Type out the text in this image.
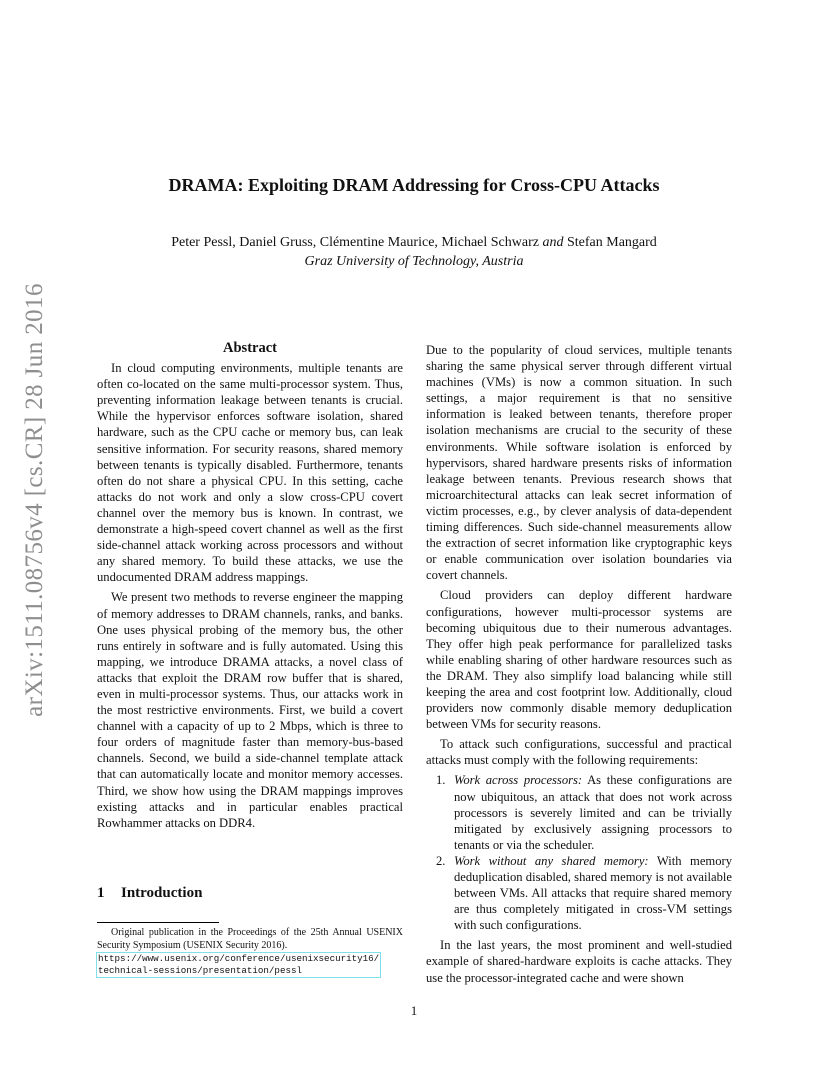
arXiv:1511.08756v4 [cs.CR] 28 Jun 2016
DRAMA: Exploiting DRAM Addressing for Cross-CPU Attacks
Peter Pessl, Daniel Gruss, Clémentine Maurice, Michael Schwarz and Stefan Mangard
Graz University of Technology, Austria
Abstract

In cloud computing environments, multiple tenants are often co-located on the same multi-processor system. Thus, preventing information leakage between tenants is crucial. While the hypervisor enforces software isolation, shared hardware, such as the CPU cache or memory bus, can leak sensitive information. For security reasons, shared memory between tenants is typically disabled. Furthermore, tenants often do not share a physical CPU. In this setting, cache attacks do not work and only a slow cross-CPU covert channel over the memory bus is known. In contrast, we demonstrate a high-speed covert channel as well as the first side-channel attack working across processors and without any shared memory. To build these attacks, we use the undocumented DRAM address mappings.

We present two methods to reverse engineer the mapping of memory addresses to DRAM channels, ranks, and banks. One uses physical probing of the memory bus, the other runs entirely in software and is fully automated. Using this mapping, we introduce DRAMA attacks, a novel class of attacks that exploit the DRAM row buffer that is shared, even in multi-processor systems. Thus, our attacks work in the most restrictive environments. First, we build a covert channel with a capacity of up to 2 Mbps, which is three to four orders of magnitude faster than memory-bus-based channels. Second, we build a side-channel template attack that can automatically locate and monitor memory accesses. Third, we show how using the DRAM mappings improves existing attacks and in particular enables practical Rowhammer attacks on DDR4.

1 Introduction
Original publication in the Proceedings of the 25th Annual USENIX Security Symposium (USENIX Security 2016).
https://www.usenix.org/conference/usenixsecurity16/
technical-sessions/presentation/pessl

Due to the popularity of cloud services, multiple tenants sharing the same physical server through different virtual machines (VMs) is now a common situation. In such settings, a major requirement is that no sensitive information is leaked between tenants, therefore proper isolation mechanisms are crucial to the security of these environments. While software isolation is enforced by hypervisors, shared hardware presents risks of information leakage between tenants. Previous research shows that microarchitectural attacks can leak secret information of victim processes, e.g., by clever analysis of data-dependent timing differences. Such side-channel measurements allow the extraction of secret information like cryptographic keys or enable communication over isolation boundaries via covert channels.

Cloud providers can deploy different hardware configurations, however multi-processor systems are becoming ubiquitous due to their numerous advantages. They offer high peak performance for parallelized tasks while enabling sharing of other hardware resources such as the DRAM. They also simplify load balancing while still keeping the area and cost footprint low. Additionally, cloud providers now commonly disable memory deduplication between VMs for security reasons.

To attack such configurations, successful and practical attacks must comply with the following requirements:

1. Work across processors: As these configurations are now ubiquitous, an attack that does not work across processors is severely limited and can be trivially mitigated by exclusively assigning processors to tenants or via the scheduler.
2. Work without any shared memory: With memory deduplication disabled, shared memory is not available between VMs. All attacks that require shared memory are thus completely mitigated in cross-VM settings with such configurations.

In the last years, the most prominent and well-studied example of shared-hardware exploits is cache attacks. They use the processor-integrated cache and were shown

1
